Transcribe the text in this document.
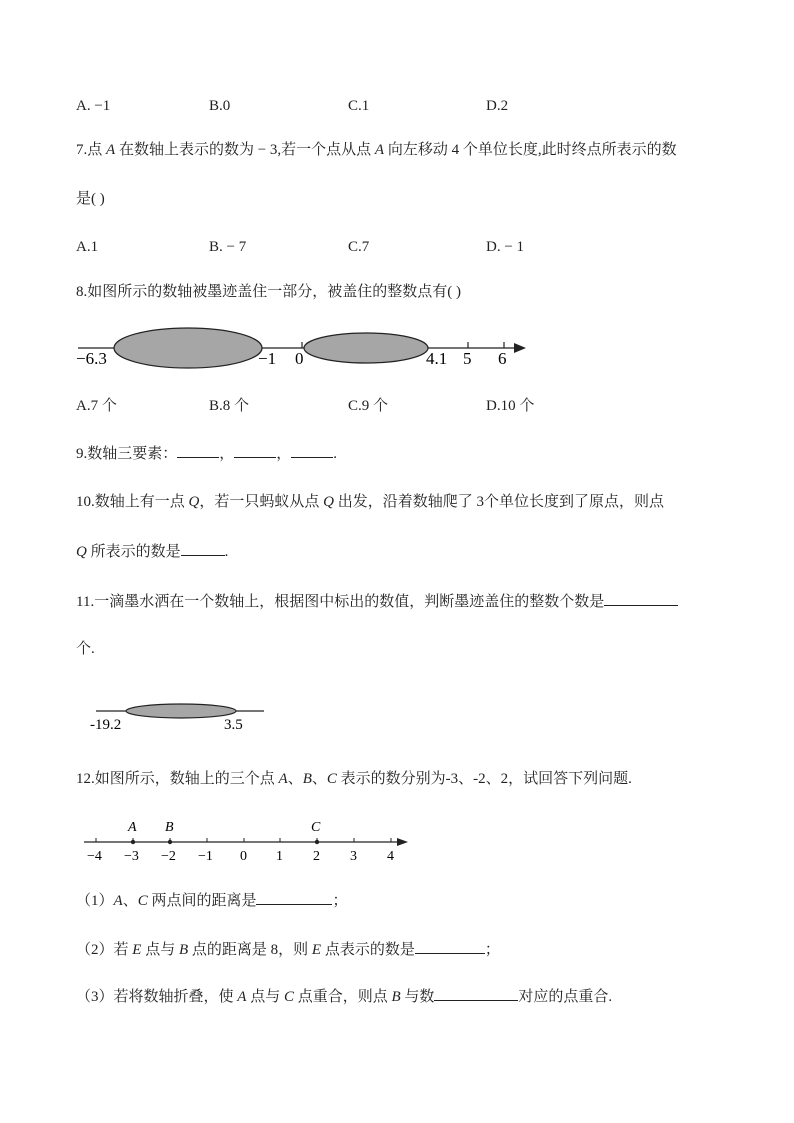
A. −1	B.0	C.1	D.2
7.点 A 在数轴上表示的数为 − 3,若一个点从点 A 向左移动 4 个单位长度,此时终点所表示的数
是( )
A.1	B. − 7	C.7	D. − 1
8.如图所示的数轴被墨迹盖住一部分，被盖住的整数点有( )
−6.3	−1 0	4.1 5 6
A.7 个	B.8 个	C.9 个	D.10 个
9.数轴三要素：	，	，	.
10.数轴上有一点 Q，若一只蚂蚁从点 Q 出发，沿着数轴爬了 3个单位长度到了原点，则点
Q 所表示的数是	.
11.一滴墨水洒在一个数轴上，根据图中标出的数值，判断墨迹盖住的整数个数是
个.
-19.2	3.5
12.如图所示，数轴上的三个点 A、B、C 表示的数分别为-3、-2、2，试回答下列问题.
A B	C
−4 −3 −2 −1 0 1 2 3 4
（1）A、C 两点间的距离是	；
（2）若 E 点与 B 点的距离是 8，则 E 点表示的数是	；
（3）若将数轴折叠，使 A 点与 C 点重合，则点 B 与数	对应的点重合.
